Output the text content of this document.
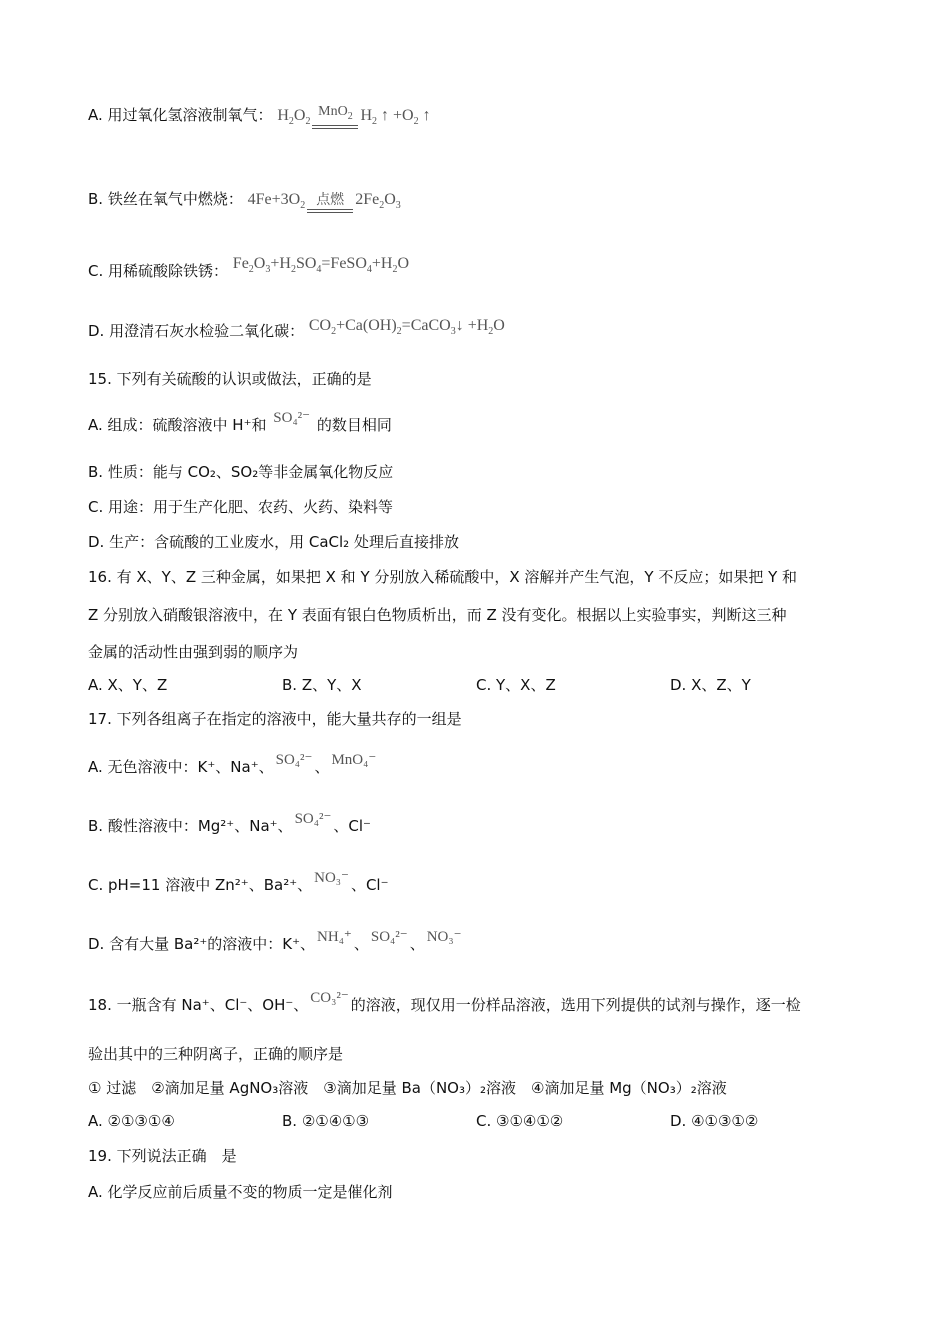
A. 用过氧化氢溶液制氧气： $H_2O_2$
MnO$_2$ $H_2$ ↑ $+O_2$ ↑
B. 铁丝在氧气中燃烧： $4Fe+3O_2$ 点燃 $2Fe_2O_3$
C. 用稀硫酸除铁锈： $Fe_2O_3+H_2SO_4=FeSO_4+H_2O$
D. 用澄清石灰水检验二氧化碳： $CO_2+Ca(OH)_2=CaCO_3↓ +H_2O$
15. 下列有关硫酸的认识或做法，正确的是
A. 组成：硫酸溶液中 H⁺和 SO₄²⁻ 的数目相同
B. 性质：能与 CO₂、SO₂等非金属氧化物反应
C. 用途：用于生产化肥、农药、火药、染料等
D. 生产：含硫酸的工业废水，用 CaCl₂ 处理后直接排放
16. 有 X、Y、Z 三种金属，如果把 X 和 Y 分别放入稀硫酸中，X 溶解并产生气泡，Y 不反应；如果把 Y 和
Z 分别放入硝酸银溶液中，在 Y 表面有银白色物质析出，而 Z 没有变化。根据以上实验事实，判断这三种
金属的活动性由强到弱的顺序为
A. X、Y、Z	B. Z、Y、X	C. Y、X、Z	D. X、Z、Y
17. 下列各组离子在指定的溶液中，能大量共存的一组是
A. 无色溶液中：K⁺、Na⁺、 SO₄²⁻ 、 MnO₄⁻
B. 酸性溶液中：Mg²⁺、Na⁺、 SO₄²⁻ 、Cl⁻
C. pH=11 溶液中 Zn²⁺、Ba²⁺、 NO₃⁻ 、Cl⁻
D. 含有大量 Ba²⁺的溶液中：K⁺、 NH₄⁺ 、 SO₄²⁻ 、 NO₃⁻
18. 一瓶含有 Na⁺、Cl⁻、OH⁻、 CO₃²⁻ 的溶液，现仅用一份样品溶液，选用下列提供的试剂与操作，逐一检
验出其中的三种阴离子，正确的顺序是
① 过滤　②滴加足量 AgNO₃溶液　③滴加足量 Ba（NO₃）₂溶液　④滴加足量 Mg（NO₃）₂溶液
A. ②①③①④	B. ②①④①③	C. ③①④①②	D. ④①③①②
19. 下列说法正确　是
A. 化学反应前后质量不变的物质一定是催化剂
